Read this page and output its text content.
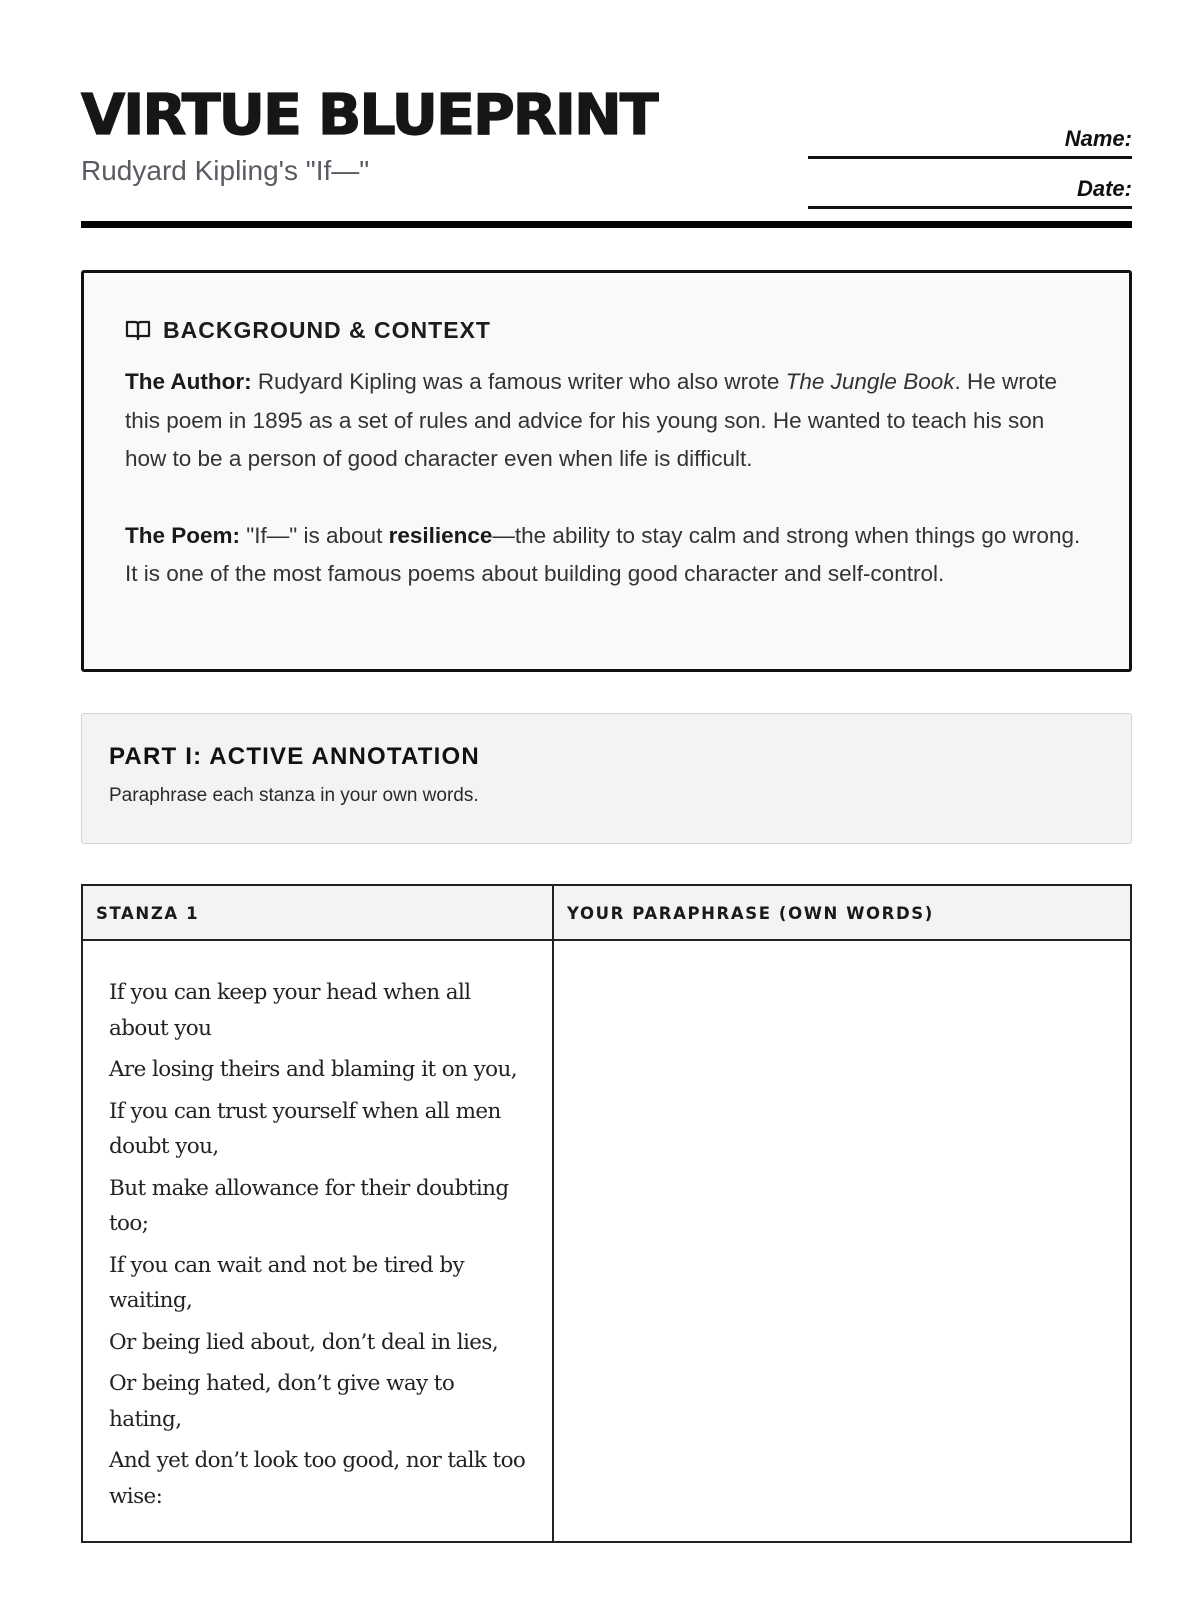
VIRTUE BLUEPRINT
Rudyard Kipling's "If—"
Name:
Date:
BACKGROUND & CONTEXT

The Author: Rudyard Kipling was a famous writer who also wrote The Jungle Book. He wrote this poem in 1895 as a set of rules and advice for his young son. He wanted to teach his son how to be a person of good character even when life is difficult.

The Poem: "If—" is about resilience—the ability to stay calm and strong when things go wrong. It is one of the most famous poems about building good character and self-control.

PART I: ACTIVE ANNOTATION
Paraphrase each stanza in your own words.
STANZA 1	YOUR PARAPHRASE (OWN WORDS)
If you can keep your head when all about you
Are losing theirs and blaming it on you,
If you can trust yourself when all men doubt you,
But make allowance for their doubting too;
If you can wait and not be tired by waiting,
Or being lied about, don’t deal in lies,
Or being hated, don’t give way to hating,
And yet don’t look too good, nor talk too wise:
